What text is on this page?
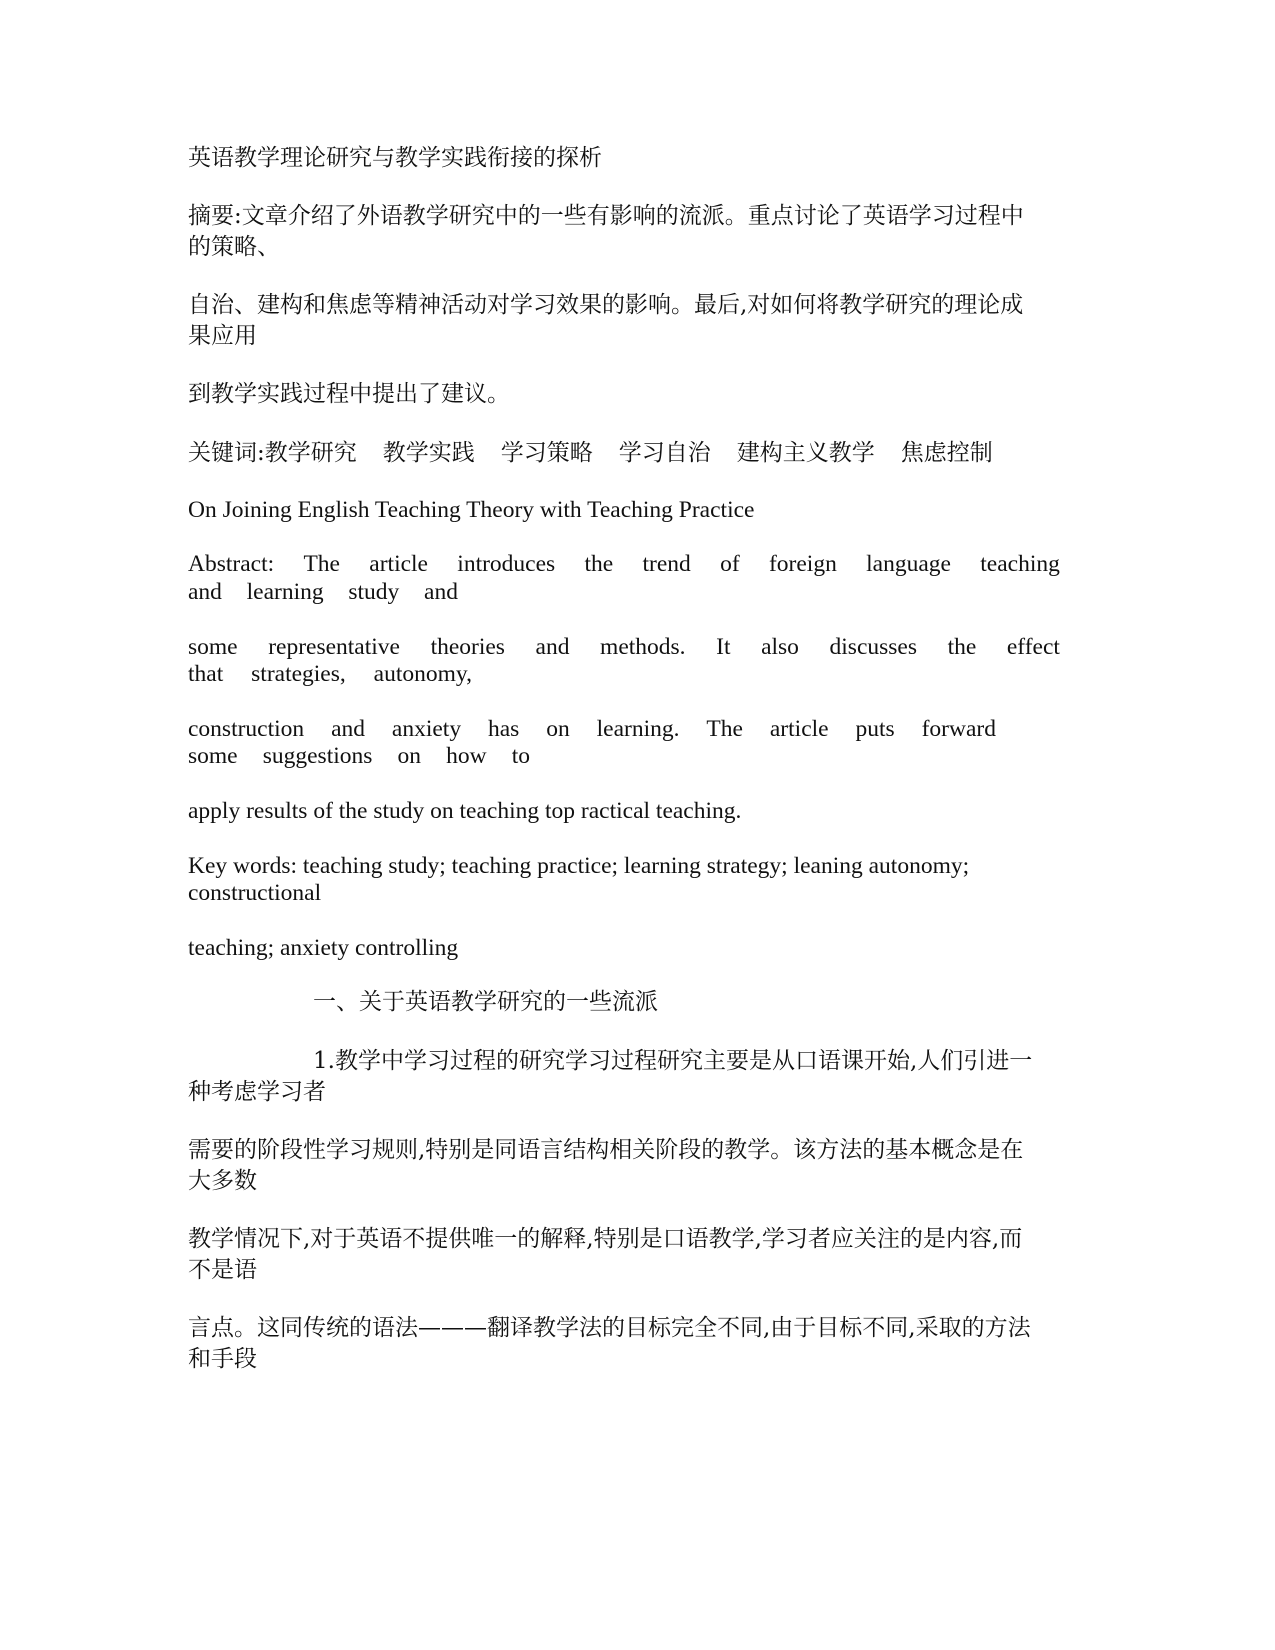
英语教学理论研究与教学实践衔接的探析
摘要:文章介绍了外语教学研究中的一些有影响的流派。重点讨论了英语学习过程中
的策略、
自治、建构和焦虑等精神活动对学习效果的影响。最后,对如何将教学研究的理论成
果应用
到教学实践过程中提出了建议。
关键词:教学研究 教学实践 学习策略 学习自治 建构主义教学 焦虑控制
On Joining English Teaching Theory with Teaching Practice
Abstract: The article introduces the trend of foreign language teaching
and learning study and
some representative theories and methods. It also discusses the effect
that strategies, autonomy,
construction and anxiety has on learning. The article puts forward
some suggestions on how to
apply results of the study on teaching top ractical teaching.
Key words: teaching study; teaching practice; learning strategy; leaning autonomy;
constructional
teaching; anxiety controlling
一、关于英语教学研究的一些流派
1.教学中学习过程的研究学习过程研究主要是从口语课开始,人们引进一
种考虑学习者
需要的阶段性学习规则,特别是同语言结构相关阶段的教学。该方法的基本概念是在
大多数
教学情况下,对于英语不提供唯一的解释,特别是口语教学,学习者应关注的是内容,而
不是语
言点。这同传统的语法———翻译教学法的目标完全不同,由于目标不同,采取的方法
和手段
